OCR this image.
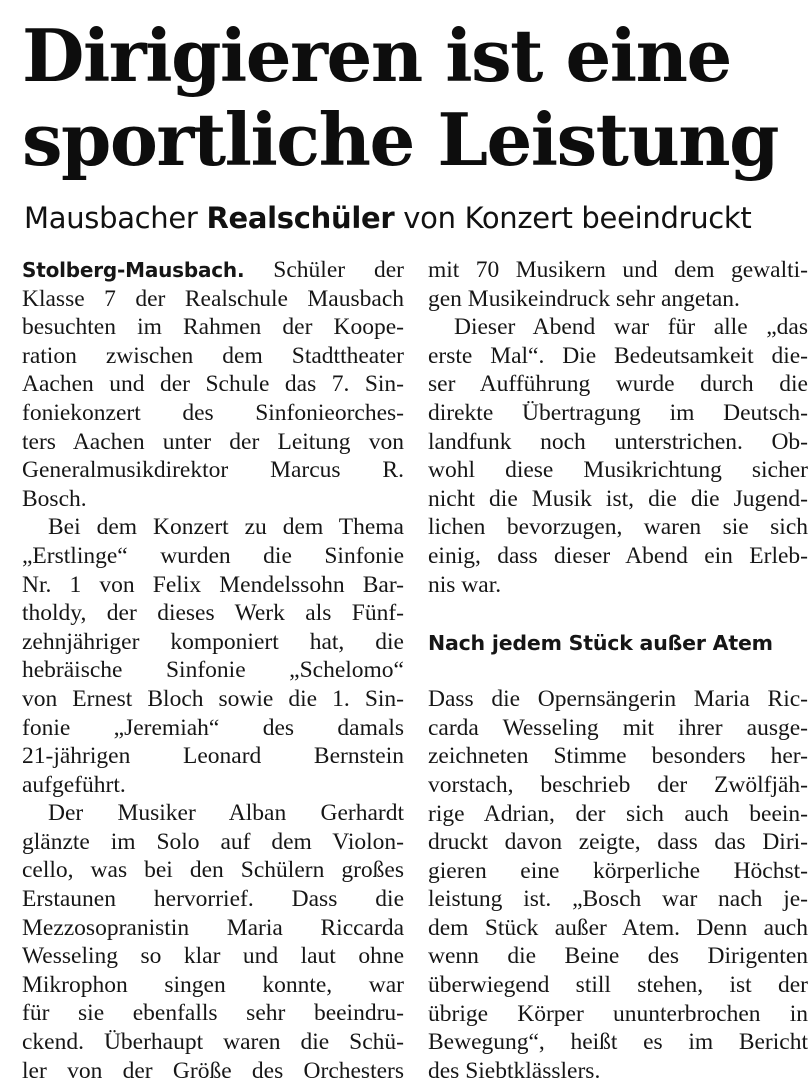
Dirigieren ist eine
sportliche Leistung
Mausbacher Realschüler von Konzert beeindruckt
Stolberg-Mausbach. Schüler der
Klasse 7 der Realschule Mausbach
besuchten im Rahmen der Koope-
ration zwischen dem Stadttheater
Aachen und der Schule das 7. Sin-
foniekonzert des Sinfonieorches-
ters Aachen unter der Leitung von
Generalmusikdirektor Marcus R.
Bosch.
Bei dem Konzert zu dem Thema
„Erstlinge“ wurden die Sinfonie
Nr. 1 von Felix Mendelssohn Bar-
tholdy, der dieses Werk als Fünf-
zehnjähriger komponiert hat, die
hebräische Sinfonie „Schelomo“
von Ernest Bloch sowie die 1. Sin-
fonie „Jeremiah“ des damals
21-jährigen Leonard Bernstein
aufgeführt.
Der Musiker Alban Gerhardt
glänzte im Solo auf dem Violon-
cello, was bei den Schülern großes
Erstaunen hervorrief. Dass die
Mezzosopranistin Maria Riccarda
Wesseling so klar und laut ohne
Mikrophon singen konnte, war
für sie ebenfalls sehr beeindru-
ckend. Überhaupt waren die Schü-
ler von der Größe des Orchesters
mit 70 Musikern und dem gewalti-
gen Musikeindruck sehr angetan.
Dieser Abend war für alle „das
erste Mal“. Die Bedeutsamkeit die-
ser Aufführung wurde durch die
direkte Übertragung im Deutsch-
landfunk noch unterstrichen. Ob-
wohl diese Musikrichtung sicher
nicht die Musik ist, die die Jugend-
lichen bevorzugen, waren sie sich
einig, dass dieser Abend ein Erleb-
nis war.
Nach jedem Stück außer Atem
Dass die Opernsängerin Maria Ric-
carda Wesseling mit ihrer ausge-
zeichneten Stimme besonders her-
vorstach, beschrieb der Zwölfjäh-
rige Adrian, der sich auch beein-
druckt davon zeigte, dass das Diri-
gieren eine körperliche Höchst-
leistung ist. „Bosch war nach je-
dem Stück außer Atem. Denn auch
wenn die Beine des Dirigenten
überwiegend still stehen, ist der
übrige Körper ununterbrochen in
Bewegung“, heißt es im Bericht
des Siebtklässlers.
